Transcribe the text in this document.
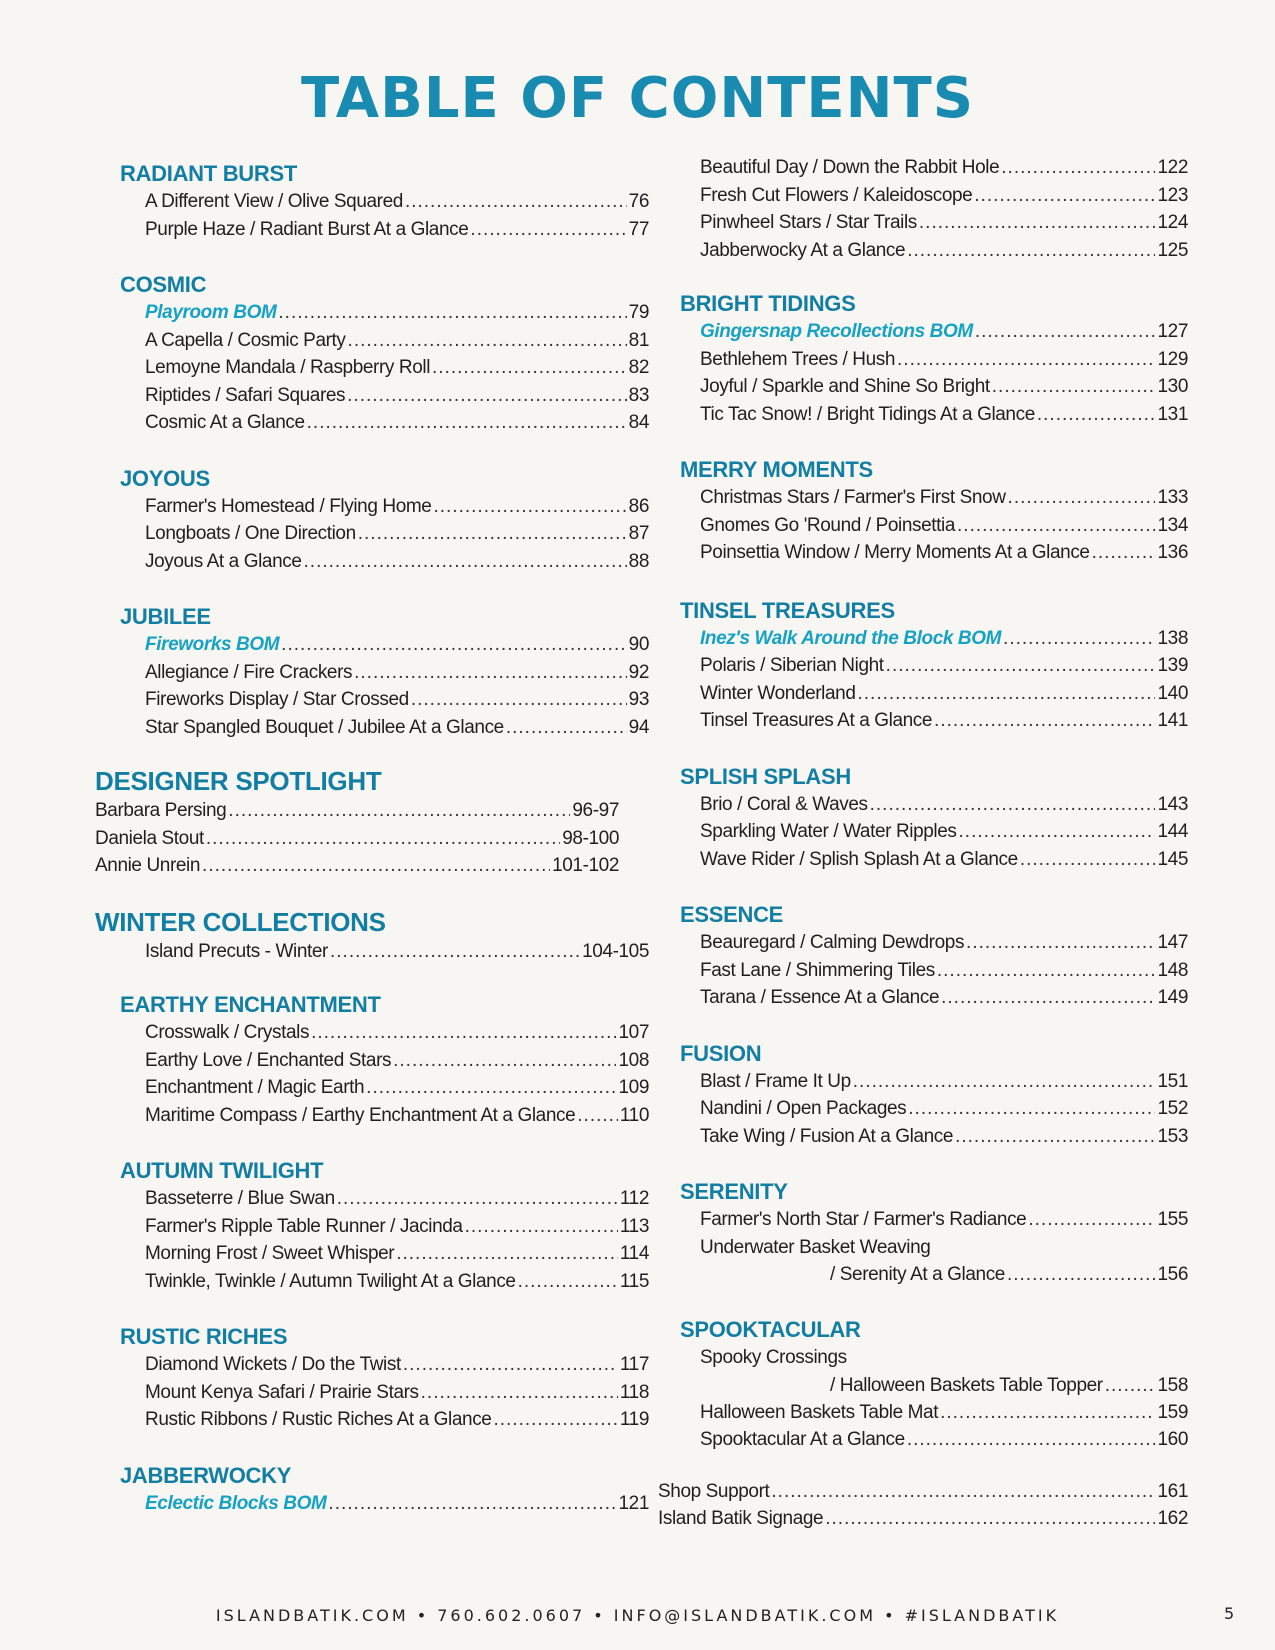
TABLE OF CONTENTS
RADIANT BURST
A Different View / Olive Squared .....	76
Purple Haze / Radiant Burst At a Glance .....	77
COSMIC
Playroom BOM .....	79
A Capella / Cosmic Party .....	81
Lemoyne Mandala / Raspberry Roll .....	82
Riptides / Safari Squares .....	83
Cosmic At a Glance .....	84
JOYOUS
Farmer's Homestead / Flying Home .....	86
Longboats / One Direction .....	87
Joyous At a Glance .....	88
JUBILEE
Fireworks BOM .....	90
Allegiance / Fire Crackers .....	92
Fireworks Display / Star Crossed .....	93
Star Spangled Bouquet / Jubilee At a Glance .....	94
DESIGNER SPOTLIGHT
Barbara Persing .....	96-97
Daniela Stout .....	98-100
Annie Unrein .....	101-102
WINTER COLLECTIONS
Island Precuts - Winter .....	104-105
EARTHY ENCHANTMENT
Crosswalk / Crystals .....	107
Earthy Love / Enchanted Stars .....	108
Enchantment / Magic Earth .....	109
Maritime Compass / Earthy Enchantment At a Glance ..... 110
AUTUMN TWILIGHT
Basseterre / Blue Swan .....	112
Farmer's Ripple Table Runner / Jacinda .....	113
Morning Frost / Sweet Whisper .....	114
Twinkle, Twinkle / Autumn Twilight At a Glance .....	115
RUSTIC RICHES
Diamond Wickets / Do the Twist .....	117
Mount Kenya Safari / Prairie Stars .....	118
Rustic Ribbons / Rustic Riches At a Glance .....	119
JABBERWOCKY
Eclectic Blocks BOM .....	121
Beautiful Day / Down the Rabbit Hole .....	122
Fresh Cut Flowers / Kaleidoscope .....	123
Pinwheel Stars / Star Trails .....	124
Jabberwocky At a Glance .....	125
BRIGHT TIDINGS
Gingersnap Recollections BOM .....	127
Bethlehem Trees / Hush .....	129
Joyful / Sparkle and Shine So Bright .....	130
Tic Tac Snow! / Bright Tidings At a Glance .....	131
MERRY MOMENTS
Christmas Stars / Farmer's First Snow .....	133
Gnomes Go 'Round / Poinsettia .....	134
Poinsettia Window / Merry Moments At a Glance .....	136
TINSEL TREASURES
Inez's Walk Around the Block BOM .....	138
Polaris / Siberian Night .....	139
Winter Wonderland .....	140
Tinsel Treasures At a Glance .....	141
SPLISH SPLASH
Brio / Coral & Waves .....	143
Sparkling Water / Water Ripples .....	144
Wave Rider / Splish Splash At a Glance .....	145
ESSENCE
Beauregard / Calming Dewdrops .....	147
Fast Lane / Shimmering Tiles .....	148
Tarana / Essence At a Glance .....	149
FUSION
Blast / Frame It Up .....	151
Nandini / Open Packages .....	152
Take Wing / Fusion At a Glance .....	153
SERENITY
Farmer's North Star / Farmer's Radiance .....	155
Underwater Basket Weaving
/ Serenity At a Glance .....	156
SPOOKTACULAR
Spooky Crossings
/ Halloween Baskets Table Topper .....	158
Halloween Baskets Table Mat .....	159
Spooktacular At a Glance .....	160
Shop Support .....	161
Island Batik Signage .....	162
ISLANDBATIK.COM • 760.602.0607 • INFO@ISLANDBATIK.COM • #ISLANDBATIK	5
